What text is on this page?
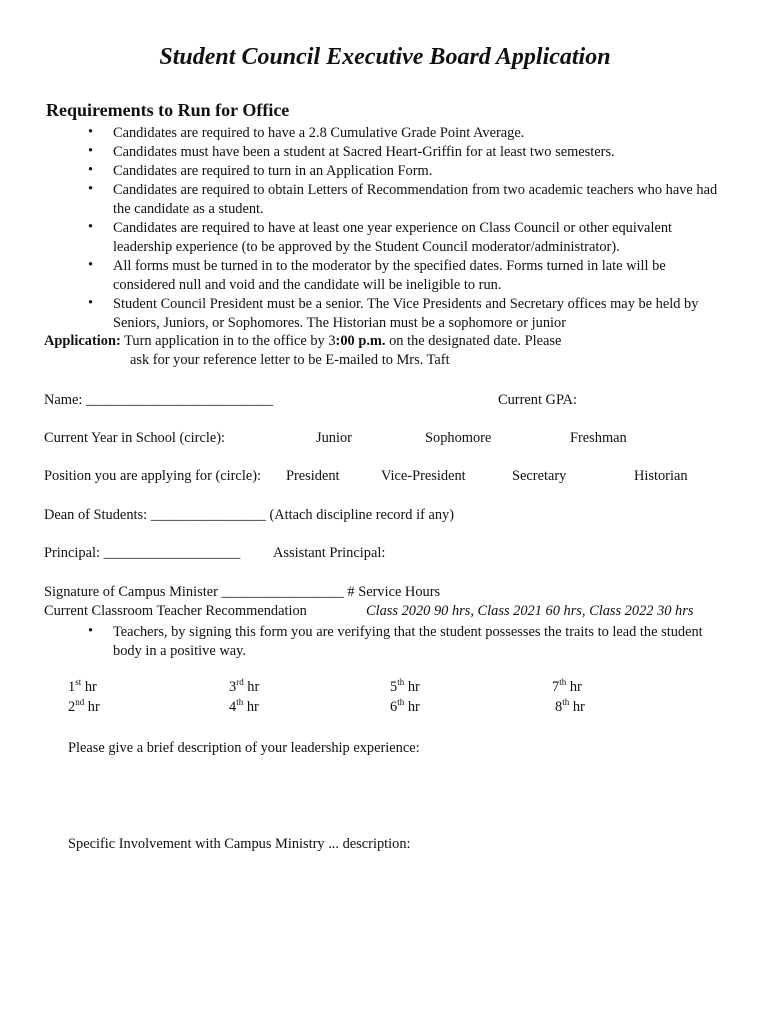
Student Council Executive Board Application
Requirements to Run for Office
• Candidates are required to have a 2.8 Cumulative Grade Point Average.
• Candidates must have been a student at Sacred Heart-Griffin for at least two semesters.
• Candidates are required to turn in an Application Form.
• Candidates are required to obtain Letters of Recommendation from two academic teachers who have had the candidate as a student.
• Candidates are required to have at least one year experience on Class Council or other equivalent leadership experience (to be approved by the Student Council moderator/administrator).
• All forms must be turned in to the moderator by the specified dates. Forms turned in late will be considered null and void and the candidate will be ineligible to run.
• Student Council President must be a senior. The Vice Presidents and Secretary offices may be held by Seniors, Juniors, or Sophomores. The Historian must be a sophomore or junior
Application: Turn application in to the office by 3:00 p.m. on the designated date. Please
ask for your reference letter to be E-mailed to Mrs. Taft
Name: __________________________	Current GPA:
Current Year in School (circle):	Junior	Sophomore	Freshman
Position you are applying for (circle): President	Vice-President	Secretary	Historian
Dean of Students: ________________ (Attach discipline record if any)
Principal: ___________________ Assistant Principal:
Signature of Campus Minister _________________ # Service Hours
Current Classroom Teacher Recommendation	Class 2020 90 hrs, Class 2021 60 hrs, Class 2022 30 hrs
• Teachers, by signing this form you are verifying that the student possesses the traits to lead the student body in a positive way.
1st hr	3rd hr	5th hr	7th hr
2nd hr	4th hr	6th hr	8th hr
Please give a brief description of your leadership experience:
Specific Involvement with Campus Ministry ... description:
